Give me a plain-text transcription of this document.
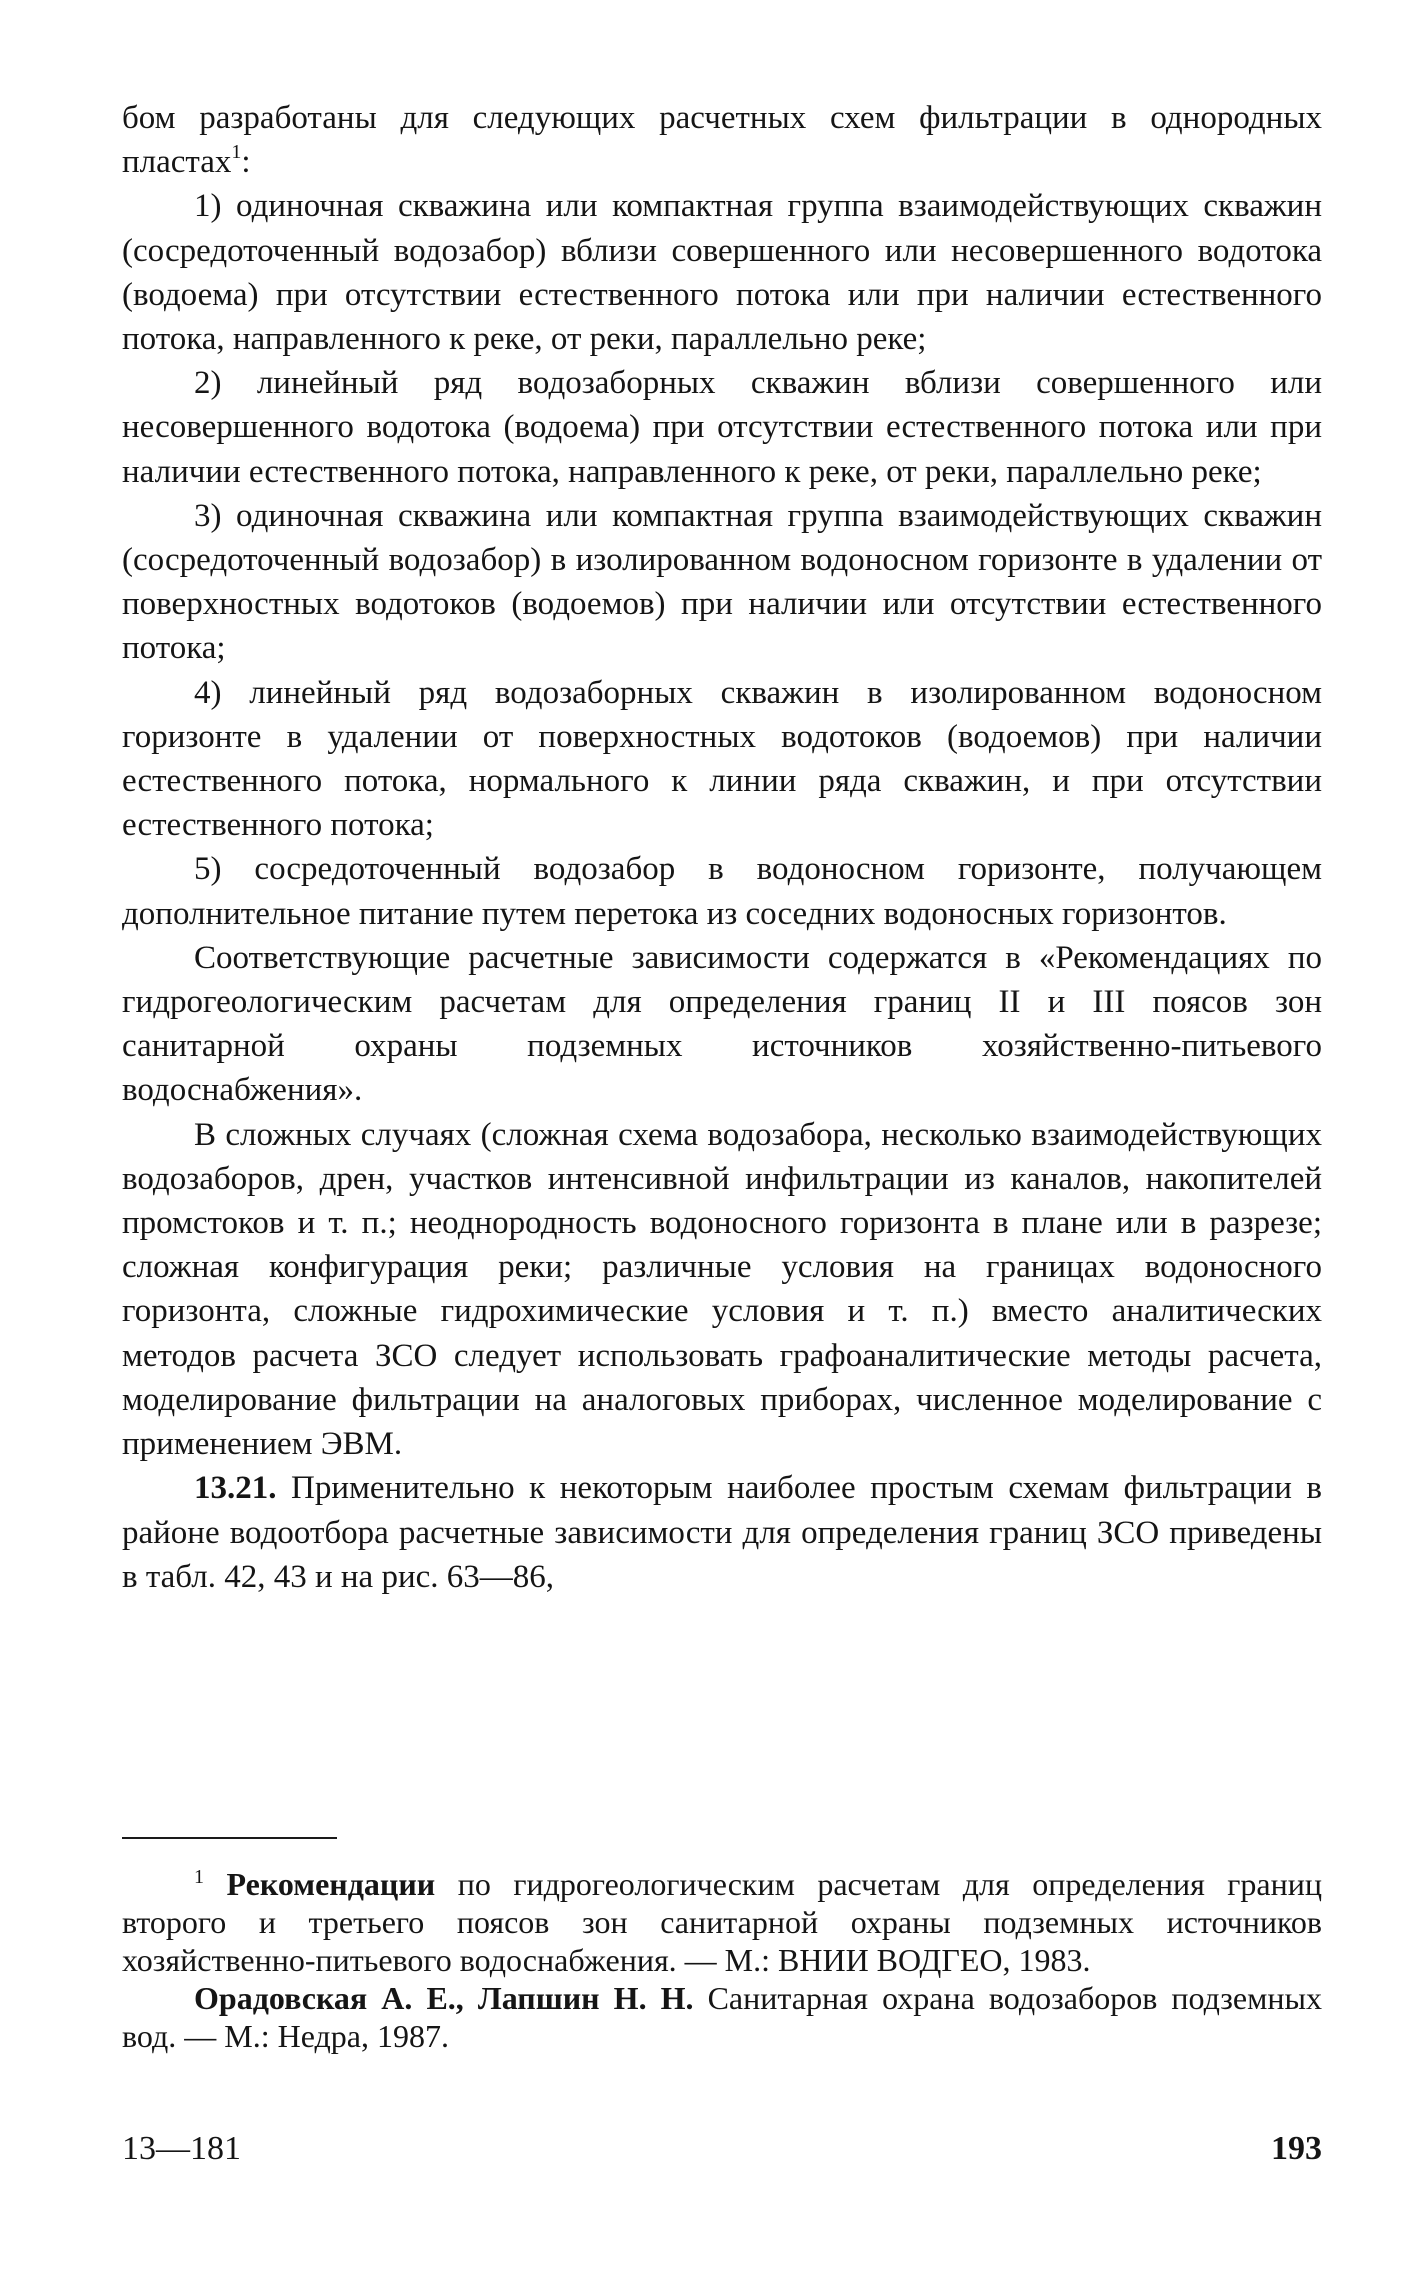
бом разработаны для следующих расчетных схем фильтрации в однородных пластах$^1$:

1) одиночная скважина или компактная группа взаимодействующих скважин (сосредоточенный водозабор) вблизи совершенного или несовершенного водотока (водоема) при отсутствии естественного потока или при наличии естественного потока, направленного к реке, от реки, параллельно реке;

2) линейный ряд водозаборных скважин вблизи совершенного или несовершенного водотока (водоема) при отсутствии естественного потока или при наличии естественного потока, направленного к реке, от реки, параллельно реке;

3) одиночная скважина или компактная группа взаимодействующих скважин (сосредоточенный водозабор) в изолированном водоносном горизонте в удалении от поверхностных водотоков (водоемов) при наличии или отсутствии естественного потока;

4) линейный ряд водозаборных скважин в изолированном водоносном горизонте в удалении от поверхностных водотоков (водоемов) при наличии естественного потока, нормального к линии ряда скважин, и при отсутствии естественного потока;

5) сосредоточенный водозабор в водоносном горизонте, получающем дополнительное питание путем перетока из соседних водоносных горизонтов.

Соответствующие расчетные зависимости содержатся в «Рекомендациях по гидрогеологическим расчетам для определения границ II и III поясов зон санитарной охраны подземных источников хозяйственно-питьевого водоснабжения».

В сложных случаях (сложная схема водозабора, несколько взаимодействующих водозаборов, дрен, участков интенсивной инфильтрации из каналов, накопителей промстоков и т. п.; неоднородность водоносного горизонта в плане или в разрезе; сложная конфигурация реки; различные условия на границах водоносного горизонта, сложные гидрохимические условия и т. п.) вместо аналитических методов расчета ЗСО следует использовать графоаналитические методы расчета, моделирование фильтрации на аналоговых приборах, численное моделирование с применением ЭВМ.

13.21. Применительно к некоторым наиболее простым схемам фильтрации в районе водоотбора расчетные зависимости для определения границ ЗСО приведены в табл. 42, 43 и на рис. 63—86,

$^1$ Рекомендации по гидрогеологическим расчетам для определения границ второго и третьего поясов зон санитарной охраны подземных источников хозяйственно-питьевого водоснабжения. — М.: ВНИИ ВОДГЕО, 1983.

Орадовская А. Е., Лапшин Н. Н. Санитарная охрана водозаборов подземных вод. — М.: Недра, 1987.

13—181	193
